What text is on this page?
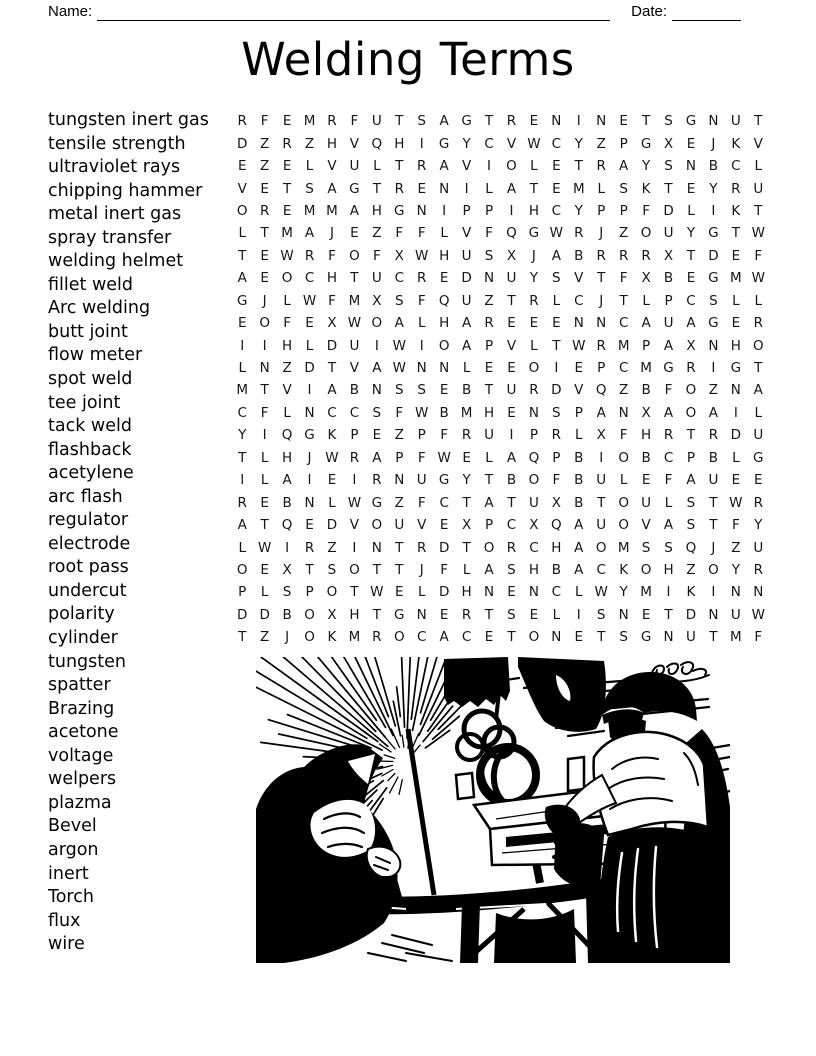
Name:	Date:
Welding Terms
tungsten inert gas
tensile strength
ultraviolet rays
chipping hammer
metal inert gas
spray transfer
welding helmet
fillet weld
Arc welding
butt joint
flow meter
spot weld
tee joint
tack weld
flashback
acetylene
arc flash
regulator
electrode
root pass
undercut
polarity
cylinder
tungsten
spatter
Brazing
acetone
voltage
welpers
plazma
Bevel
argon
inert
Torch
flux
wire
R	F	E M R	F	U T	S	A G T	R E N	I	N E	T	S G N U T
D Z R Z H V Q H	I	G Y	C V W C	Y	Z	P G X	E	J	K V
E	Z	E	L	V U	L	T	R A V	I	O L	E	T	R A	Y	S N B C	L
V	E	T	S	A G T	R E N	I	L	A	T	E M L	S	K	T	E	Y	R U
O R E M M A H G N	I	P	P	I	H C	Y	P	P	F D L	I	K	T
L	T M A	J	E	Z	F	F	L	V	F Q G W R	J	Z O U Y G T W
T	E W R	F O F	X W H U S	X	J	A B R R R X	T D E	F
A	E O C H T U C R E D N U Y	S	V	T	F	X B	E G M W
G	J	L W F M X	S	F Q U Z	T	R	L	C	J	T	L	P	C S	L	L
E O F	E	X W O A	L	H A R E	E	E N N C A U A G E R
I	I	H	L D U	I	W	I	O A	P	V	L	T W R M P	A X N H O
L	N Z D T	V A W N N	L	E	E O	I	E	P	C M G R	I	G T
M T	V	I	A B N S	S	E	B	T U R D V Q Z B	F O Z N A
C	F	L	N C C S	F W B M H E N S	P	A N X A O A	I	L
Y	I	Q G K	P	E	Z	P	F	R U	I	P	R	L	X	F H R	T	R D U
T	L	H	J	W R A	P	F W E	L	A Q P	B	I	O B C	P	B	L G
I	L	A	I	E	I	R N U G Y	T	B O F	B U	L	E	F	A U E	E
R E	B N	L W G Z	F	C	T	A	T U X B	T O U	L	S	T W R
A	T Q E D V O U V	E	X	P	C X Q A U O V A	S	T	F	Y
L W	I	R Z	I	N T	R D T O R C H A O M S	S Q	J	Z U
O E	X	T	S O T	T	J	F	L	A	S H B A C K O H Z O Y	R
P	L	S	P O T W E	L D H N E N C	L W Y M	I	K	I	N N
D D B O X H T G N E R	T	S	E	L	I	S N E	T D N U W
T	Z	J	O K M R O C A C E	T O N E	T	S G N U T M F
